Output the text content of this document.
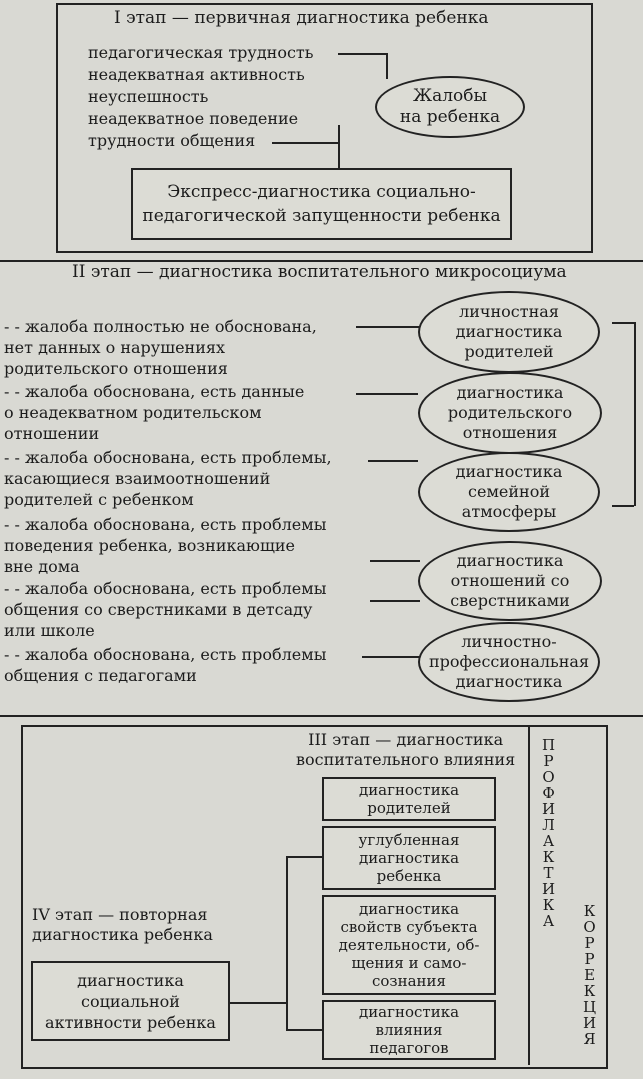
I этап — первичная диагностика ребенка
педагогическая трудность
неадекватная активность
неуспешность
неадекватное поведение
трудности общения
Жалобы
на ребенка
Экспресс-диагностика социально-
педагогической запущенности ребенка
II этап — диагностика воспитательного микросоциума
- - жалоба полностью не обоснована,
нет данных о нарушениях
родительского отношения
- - жалоба обоснована, есть данные
о неадекватном родительском
отношении
- - жалоба обоснована, есть проблемы,
касающиеся взаимоотношений
родителей с ребенком
- - жалоба обоснована, есть проблемы
поведения ребенка, возникающие
вне дома
- - жалоба обоснована, есть проблемы
общения со сверстниками в детсаду
или школе
- - жалоба обоснована, есть проблемы
общения с педагогами
личностная
диагностика
родителей
диагностика
родительского
отношения
диагностика
семейной
атмосферы
диагностика
отношений со
сверстниками
личностно-
профессиональная
диагностика
III этап — диагностика
воспитательного влияния
диагностика
родителей
углубленная
диагностика
ребенка
диагностика
свойств субъекта
деятельности, об-
щения и само-
сознания
диагностика
влияния
педагогов
IV этап — повторная
диагностика ребенка
диагностика
социальной
активности ребенка
П
Р
О
Ф
И
Л
А
К
Т
И
К
А
К
О
Р
Р
Е
К
Ц
И
Я
